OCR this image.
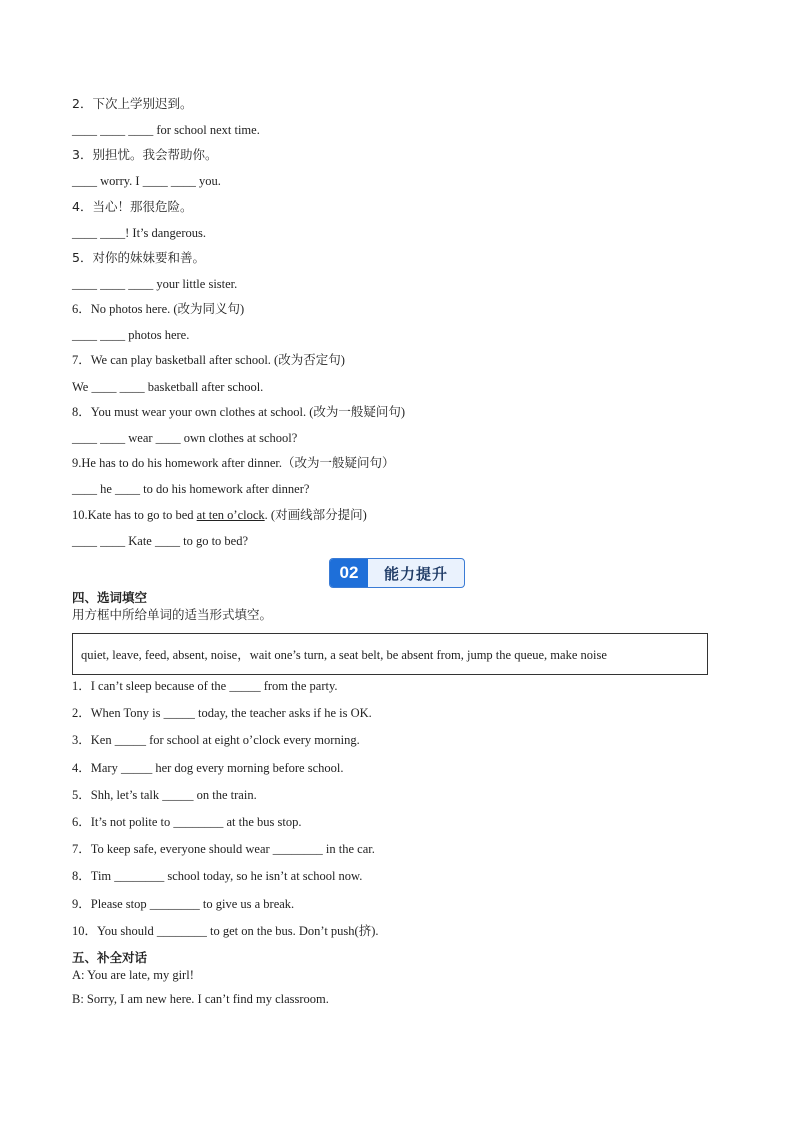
2．下次上学别迟到。
____ ____ ____ for school next time.
3．别担忧。我会帮助你。
____ worry. I ____ ____ you.
4．当心！那很危险。
____ ____! It’s dangerous.
5．对你的妹妹要和善。
____ ____ ____ your little sister.
6．No photos here. (改为同义句)
____ ____ photos here.
7．We can play basketball after school. (改为否定句)
We ____ ____ basketball after school.
8．You must wear your own clothes at school. (改为一般疑问句)
____ ____ wear ____ own clothes at school?
9.He has to do his homework after dinner.（改为一般疑问句）
____ he ____ to do his homework after dinner?
10.Kate has to go to bed at ten o’clock. (对画线部分提问)
____ ____ Kate ____ to go to bed?
02	能力提升
四、选词填空
用方框中所给单词的适当形式填空。
quiet, leave, feed, absent, noise，wait one’s turn, a seat belt, be absent from, jump the queue, make noise
1．I can’t sleep because of the _____ from the party.
2．When Tony is _____ today, the teacher asks if he is OK.
3．Ken _____ for school at eight o’clock every morning.
4．Mary _____ her dog every morning before school.
5．Shh, let’s talk _____ on the train.
6．It’s not polite to ________ at the bus stop.
7．To keep safe, everyone should wear ________ in the car.
8．Tim ________ school today, so he isn’t at school now.
9．Please stop ________ to give us a break.
10．You should ________ to get on the bus. Don’t push(挤).
五、补全对话
A: You are late, my girl!
B: Sorry, I am new here. I can’t find my classroom.
